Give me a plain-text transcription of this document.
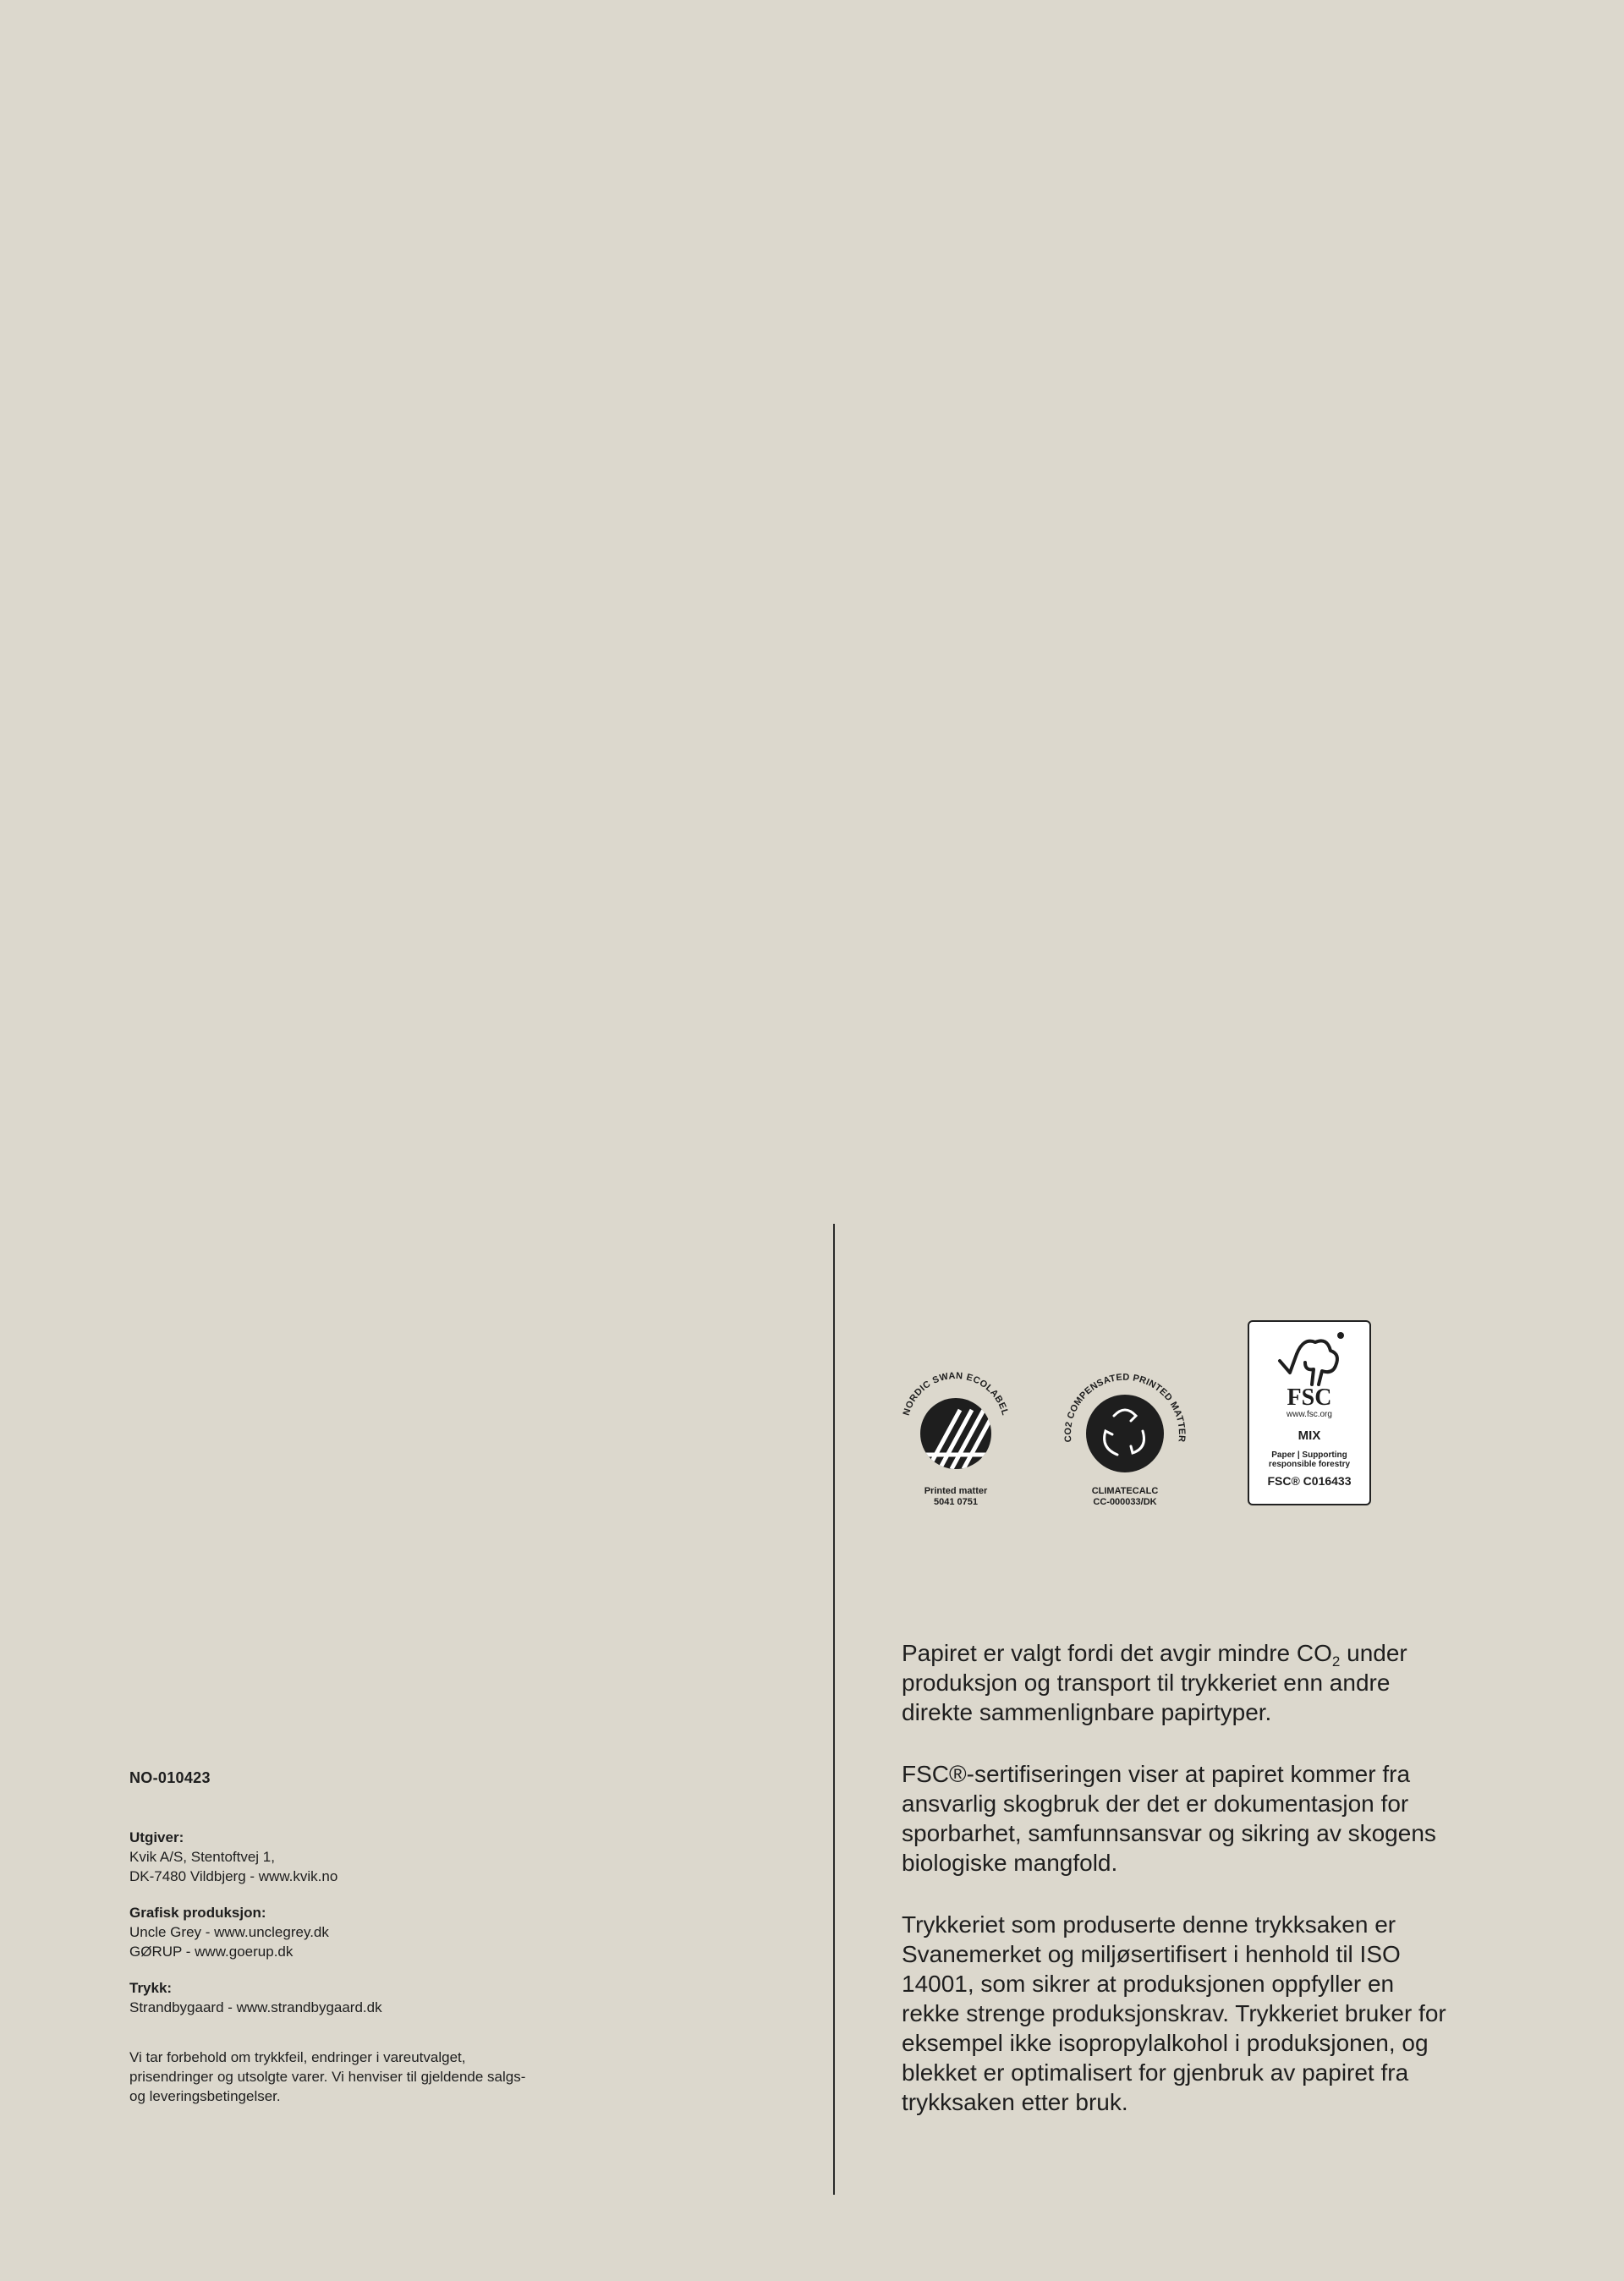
NO-010423
Utgiver:
Kvik A/S, Stentoftvej 1,
DK-7480 Vildbjerg - www.kvik.no
Grafisk produksjon:
Uncle Grey - www.unclegrey.dk
GØRUP - www.goerup.dk
Trykk:
Strandbygaard - www.strandbygaard.dk
Vi tar forbehold om trykkfeil, endringer i vareutvalget,
prisendringer og utsolgte varer. Vi henviser til gjeldende salgs-
og leveringsbetingelser.
NORDIC SWAN ECOLABEL
Printed matter
5041 0751
CO2 COMPENSATED PRINTED MATTER
CLIMATECALC
CC-000033/DK
FSC
www.fsc.org
MIX
Paper | Supporting
responsible forestry
FSC® C016433
Papiret er valgt fordi det avgir mindre $CO_2$ under
produksjon og transport til trykkeriet enn andre
direkte sammenlignbare papirtyper.
FSC®-sertifiseringen viser at papiret kommer fra
ansvarlig skogbruk der det er dokumentasjon for
sporbarhet, samfunnsansvar og sikring av skogens
biologiske mangfold.
Trykkeriet som produserte denne trykksaken er
Svanemerket og miljøsertifisert i henhold til ISO
14001, som sikrer at produksjonen oppfyller en
rekke strenge produksjonskrav. Trykkeriet bruker for
eksempel ikke isopropylalkohol i produksjonen, og
blekket er optimalisert for gjenbruk av papiret fra
trykksaken etter bruk.
